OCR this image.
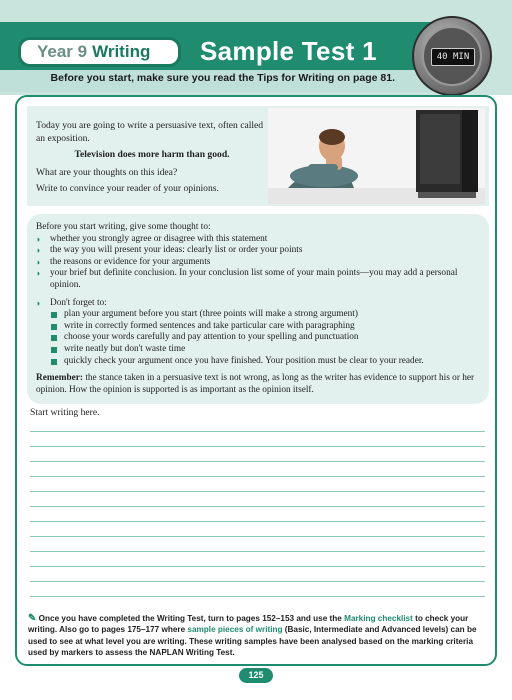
Year 9 Writing Sample Test 1
Before you start, make sure you read the Tips for Writing on page 81.
40 MIN

Today you are going to write a persuasive text, often called an exposition.

Television does more harm than good.

What are your thoughts on this idea?

Write to convince your reader of your opinions.

Before you start writing, give some thought to:
◗ whether you strongly agree or disagree with this statement
◗ the way you will present your ideas: clearly list or order your points
◗ the reasons or evidence for your arguments
◗ your brief but definite conclusion. In your conclusion list some of your main points—you may add a personal opinion.
◗ Don't forget to:
plan your argument before you start (three points will make a strong argument)
write in correctly formed sentences and take particular care with paragraphing
choose your words carefully and pay attention to your spelling and punctuation
write neatly but don't waste time
quickly check your argument once you have finished. Your position must be clear to your reader.
Remember: the stance taken in a persuasive text is not wrong, as long as the writer has evidence to support his or her opinion. How the opinion is supported is as important as the opinion itself.
Start writing here.
✎ Once you have completed the Writing Test, turn to pages 152–153 and use the Marking checklist to check your writing. Also go to pages 175–177 where sample pieces of writing (Basic, Intermediate and Advanced levels) can be used to see at what level you are writing. These writing samples have been analysed based on the marking criteria used by markers to assess the NAPLAN Writing Test.
125
